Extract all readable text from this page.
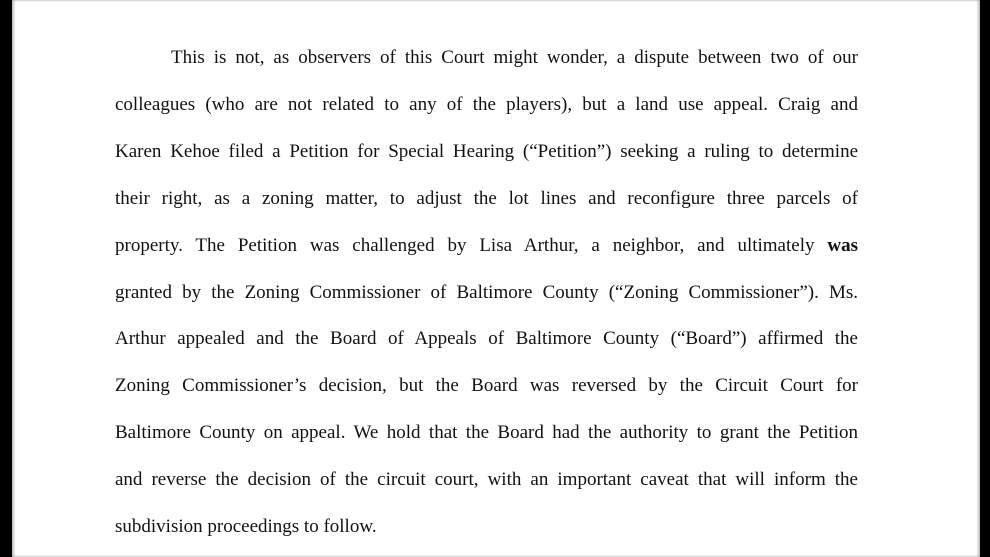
This is not, as observers of this Court might wonder, a dispute between two of our
colleagues (who are not related to any of the players), but a land use appeal. Craig and
Karen Kehoe filed a Petition for Special Hearing (“Petition”) seeking a ruling to determine
their right, as a zoning matter, to adjust the lot lines and reconfigure three parcels of
property. The Petition was challenged by Lisa Arthur, a neighbor, and ultimately was
granted by the Zoning Commissioner of Baltimore County (“Zoning Commissioner”). Ms.
Arthur appealed and the Board of Appeals of Baltimore County (“Board”) affirmed the
Zoning Commissioner’s decision, but the Board was reversed by the Circuit Court for
Baltimore County on appeal. We hold that the Board had the authority to grant the Petition
and reverse the decision of the circuit court, with an important caveat that will inform the
subdivision proceedings to follow.
